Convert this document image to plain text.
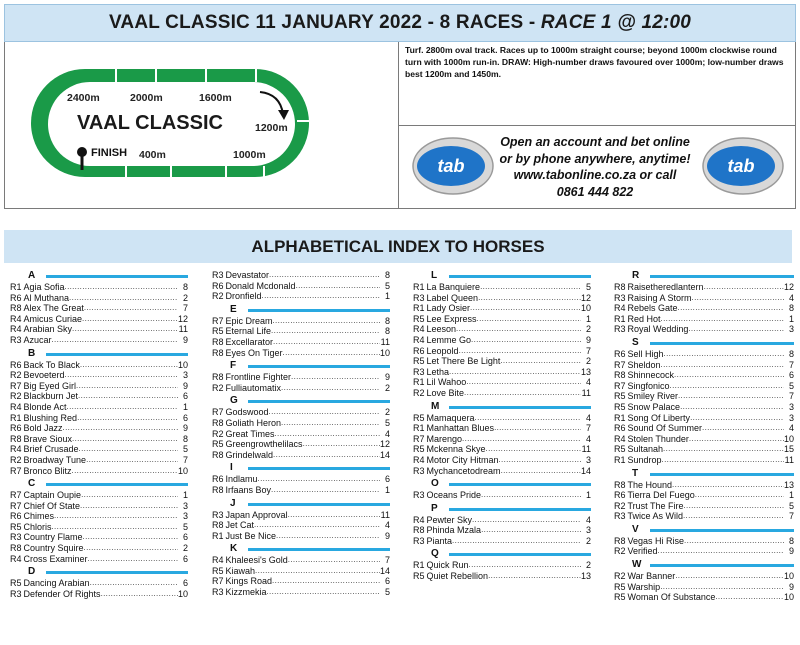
VAAL CLASSIC 11 JANUARY 2022 - 8 RACES - RACE 1 @ 12:00
VAAL CLASSIC
2400m	2000m	1600m
1200m
400m	1000m
FINISH
Turf. 2800m oval track. Races up to 1000m straight course; beyond 1000m clockwise round turn with 1000m run-in. DRAW: High-number draws favoured over 1000m; low-number draws best 1200m and 1450m.
tab
Open an account and bet online
or by phone anywhere, anytime!
www.tabonline.co.za or call
0861 444 822
tab
ALPHABETICAL INDEX TO HORSES
A
R1 Agia Sofia .....	8
R6 Al Muthana .....	2
R8 Alex The Great .....	7
R4 Amicus Curiae .....	12
R4 Arabian Sky .....	11
R3 Azucar .....	9
B
R6 Back To Black .....	10
R2 Bevoeterd .....	3
R7 Big Eyed Girl .....	9
R2 Blackburn Jet .....	6
R4 Blonde Act .....	1
R1 Blushing Red .....	6
R6 Bold Jazz .....	9
R8 Brave Sioux .....	8
R4 Brief Crusade .....	5
R2 Broadway Tune .....	7
R7 Bronco Blitz .....	10
C
R7 Captain Oupie .....	1
R7 Chief Of State .....	3
R6 Chimes .....	3
R5 Chloris .....	5
R3 Country Flame .....	6
R8 Country Squire .....	2
R4 Cross Examiner .....	6
D
R5 Dancing Arabian .....	6
R3 Defender Of Rights .....	10
R3 Devastator .....	8
R6 Donald Mcdonald .....	5
R2 Dronfield .....	1
E
R7 Epic Dream .....	8
R5 Eternal Life .....	8
R8 Excellarator .....	11
R8 Eyes On Tiger .....	10
F
R8 Frontline Fighter .....	9
R2 Fulliautomatix .....	2
G
R7 Godswood .....	2
R8 Goliath Heron .....	5
R2 Great Times .....	4
R5 Greengrowthelilacs .....	12
R8 Grindelwald .....	14
I
R6 Indlamu .....	6
R8 Irfaans Boy .....	1
J
R3 Japan Approval .....	11
R8 Jet Cat .....	4
R1 Just Be Nice .....	9
K
R4 Khaleesi's Gold .....	7
R5 Kiawah .....	14
R7 Kings Road .....	6
R3 Kizzmekia .....	5
L
R1 La Banquiere .....	5
R3 Label Queen .....	12
R1 Lady Osier .....	10
R5 Lee Express .....	1
R4 Leeson .....	2
R4 Lemme Go .....	9
R6 Leopold .....	7
R5 Let There Be Light .....	2
R3 Letha .....	13
R1 Lil Wahoo .....	4
R2 Love Bite .....	11
M
R5 Mamaquera .....	4
R1 Manhattan Blues .....	7
R7 Marengo .....	4
R5 Mckenna Skye .....	11
R4 Motor City Hitman .....	3
R3 Mychancetodream .....	14
O
R3 Oceans Pride .....	1
P
R4 Pewter Sky .....	4
R8 Phinda Mzala .....	3
R3 Pianta .....	2
Q
R1 Quick Run .....	2
R5 Quiet Rebellion .....	13
R
R8 Raisetheredlantern .....	12
R3 Raising A Storm .....	4
R4 Rebels Gate .....	8
R1 Red Hot .....	1
R3 Royal Wedding .....	3
S
R6 Sell High .....	8
R7 Sheldon .....	7
R8 Shinnecock .....	6
R7 Singfonico .....	5
R5 Smiley River .....	7
R5 Snow Palace .....	3
R1 Song Of Liberty .....	3
R6 Sound Of Summer .....	4
R4 Stolen Thunder .....	10
R5 Sultanah .....	15
R1 Sundrop .....	11
T
R8 The Hound .....	13
R6 Tierra Del Fuego .....	1
R2 Trust The Fire .....	5
R3 Twice As Wild .....	7
V
R8 Vegas Hi Rise .....	8
R2 Verified .....	9
W
R2 War Banner .....	10
R5 Warship .....	9
R5 Woman Of Substance .....	10
